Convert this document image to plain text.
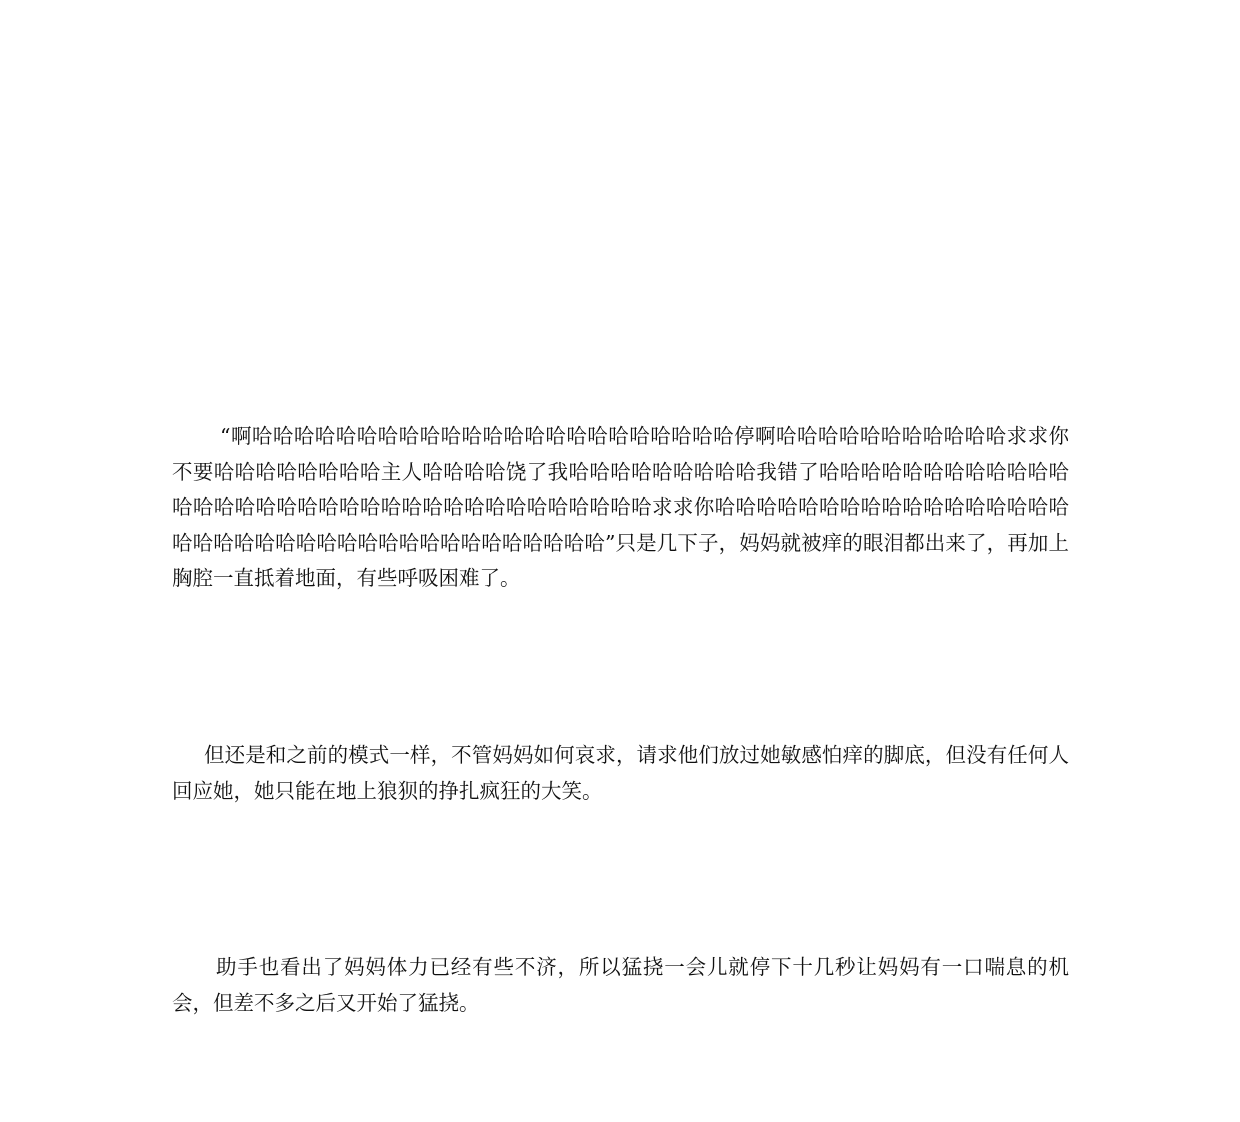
“啊哈哈哈哈哈哈哈哈哈哈哈哈哈哈哈哈哈哈哈哈哈哈哈停啊哈哈哈哈哈哈哈哈哈哈哈求求你不要哈哈哈哈哈哈哈哈主人哈哈哈哈饶了我哈哈哈哈哈哈哈哈哈我错了哈哈哈哈哈哈哈哈哈哈哈哈哈哈哈哈哈哈哈哈哈哈哈哈哈哈哈哈哈哈哈哈哈哈哈求求你哈哈哈哈哈哈哈哈哈哈哈哈哈哈哈哈哈哈哈哈哈哈哈哈哈哈哈哈哈哈哈哈哈哈哈哈哈哈”只是几下子，妈妈就被痒的眼泪都出来了，再加上胸腔一直抵着地面，有些呼吸困难了。

但还是和之前的模式一样，不管妈妈如何哀求，请求他们放过她敏感怕痒的脚底，但没有任何人回应她，她只能在地上狼狈的挣扎疯狂的大笑。

助手也看出了妈妈体力已经有些不济，所以猛挠一会儿就停下十几秒让妈妈有一口喘息的机会，但差不多之后又开始了猛挠。
